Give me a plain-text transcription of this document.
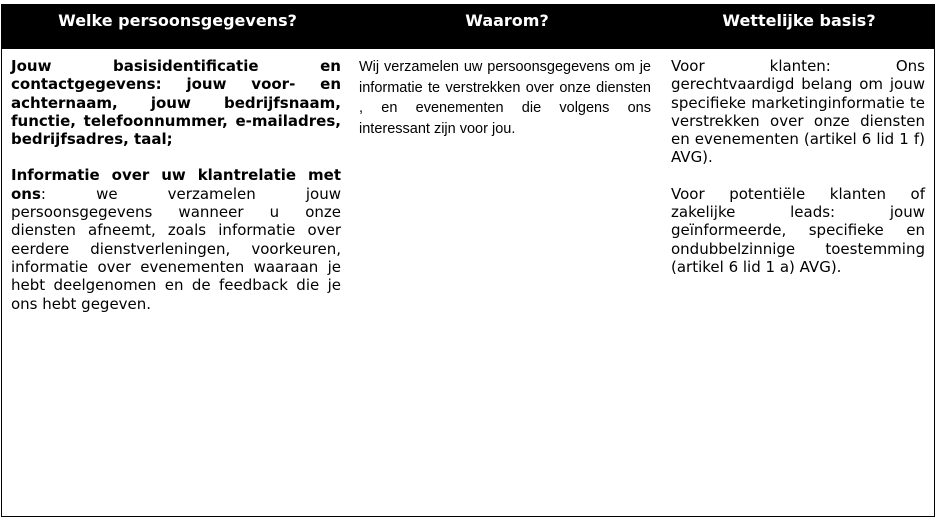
Welke persoonsgegevens?	Waarom?	Wettelijke basis?

Jouw basisidentificatie en contactgegevens: jouw voor- en achternaam, jouw bedrijfsnaam, functie, telefoonnummer, e-mailadres, bedrijfsadres, taal;

Informatie over uw klantrelatie met ons: we verzamelen jouw persoonsgegevens wanneer u onze diensten afneemt, zoals informatie over eerdere dienstverleningen, voorkeuren, informatie over evenementen waaraan je hebt deelgenomen en de feedback die je ons hebt gegeven.

Wij verzamelen uw persoonsgegevens om je informatie te verstrekken over onze diensten , en evenementen die volgens ons interessant zijn voor jou.

Voor klanten: Ons gerechtvaardigd belang om jouw specifieke marketinginformatie te verstrekken over onze diensten en evenementen (artikel 6 lid 1 f) AVG).

Voor potentiële klanten of zakelijke leads: jouw geïnformeerde, specifieke en ondubbelzinnige toestemming (artikel 6 lid 1 a) AVG).
